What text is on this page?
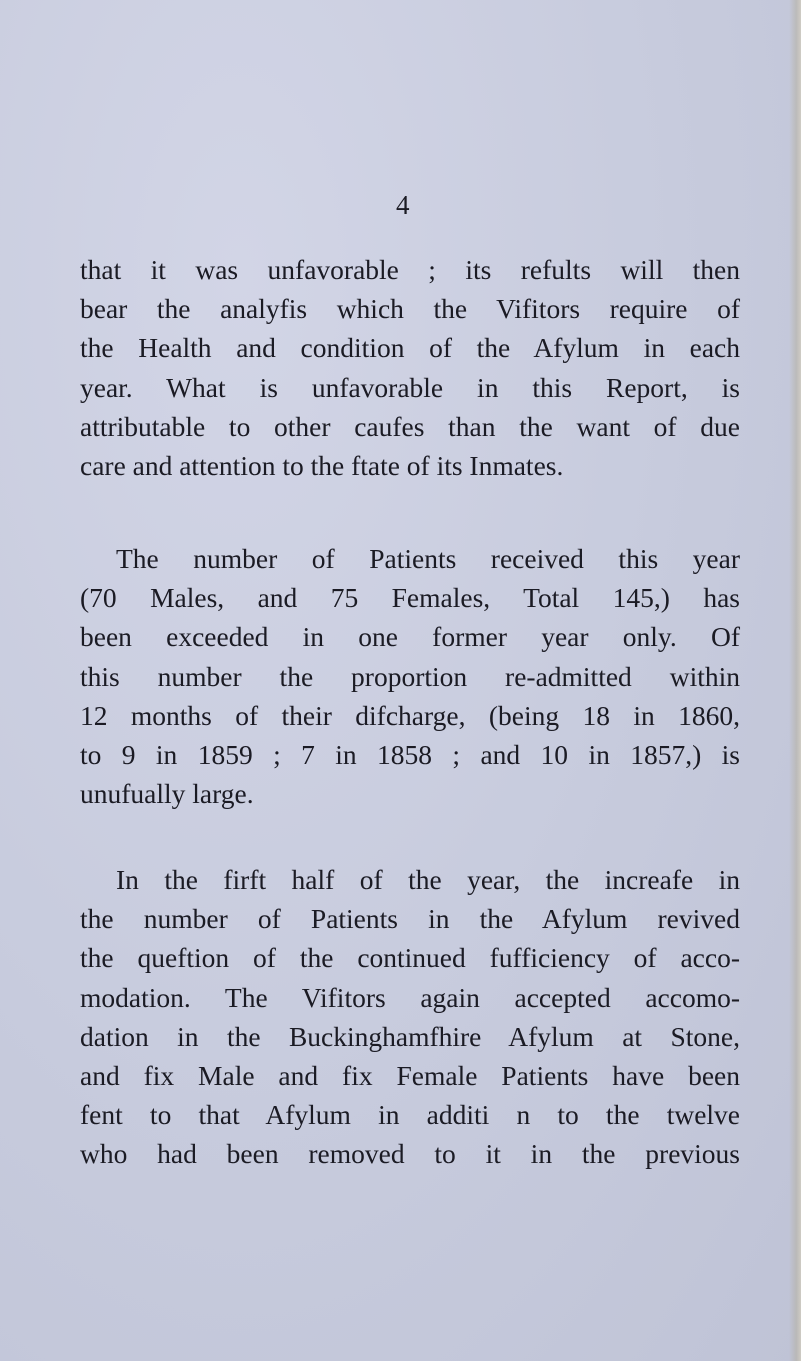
4

that it was unfavorable ; its refults will then
bear the analyfis which the Vifitors require of
the Health and condition of the Afylum in each
year. What is unfavorable in this Report, is
attributable to other caufes than the want of due
care and attention to the ftate of its Inmates.

The number of Patients received this year
(70 Males, and 75 Females, Total 145,) has
been exceeded in one former year only. Of
this number the proportion re-admitted within
12 months of their difcharge, (being 18 in 1860,
to 9 in 1859 ; 7 in 1858 ; and 10 in 1857,) is
unufually large.

In the firft half of the year, the increafe in
the number of Patients in the Afylum revived
the queftion of the continued fufficiency of acco-
modation. The Vifitors again accepted accomo-
dation in the Buckinghamfhire Afylum at Stone,
and fix Male and fix Female Patients have been
fent to that Afylum in additi n to the twelve
who had been removed to it in the previous
